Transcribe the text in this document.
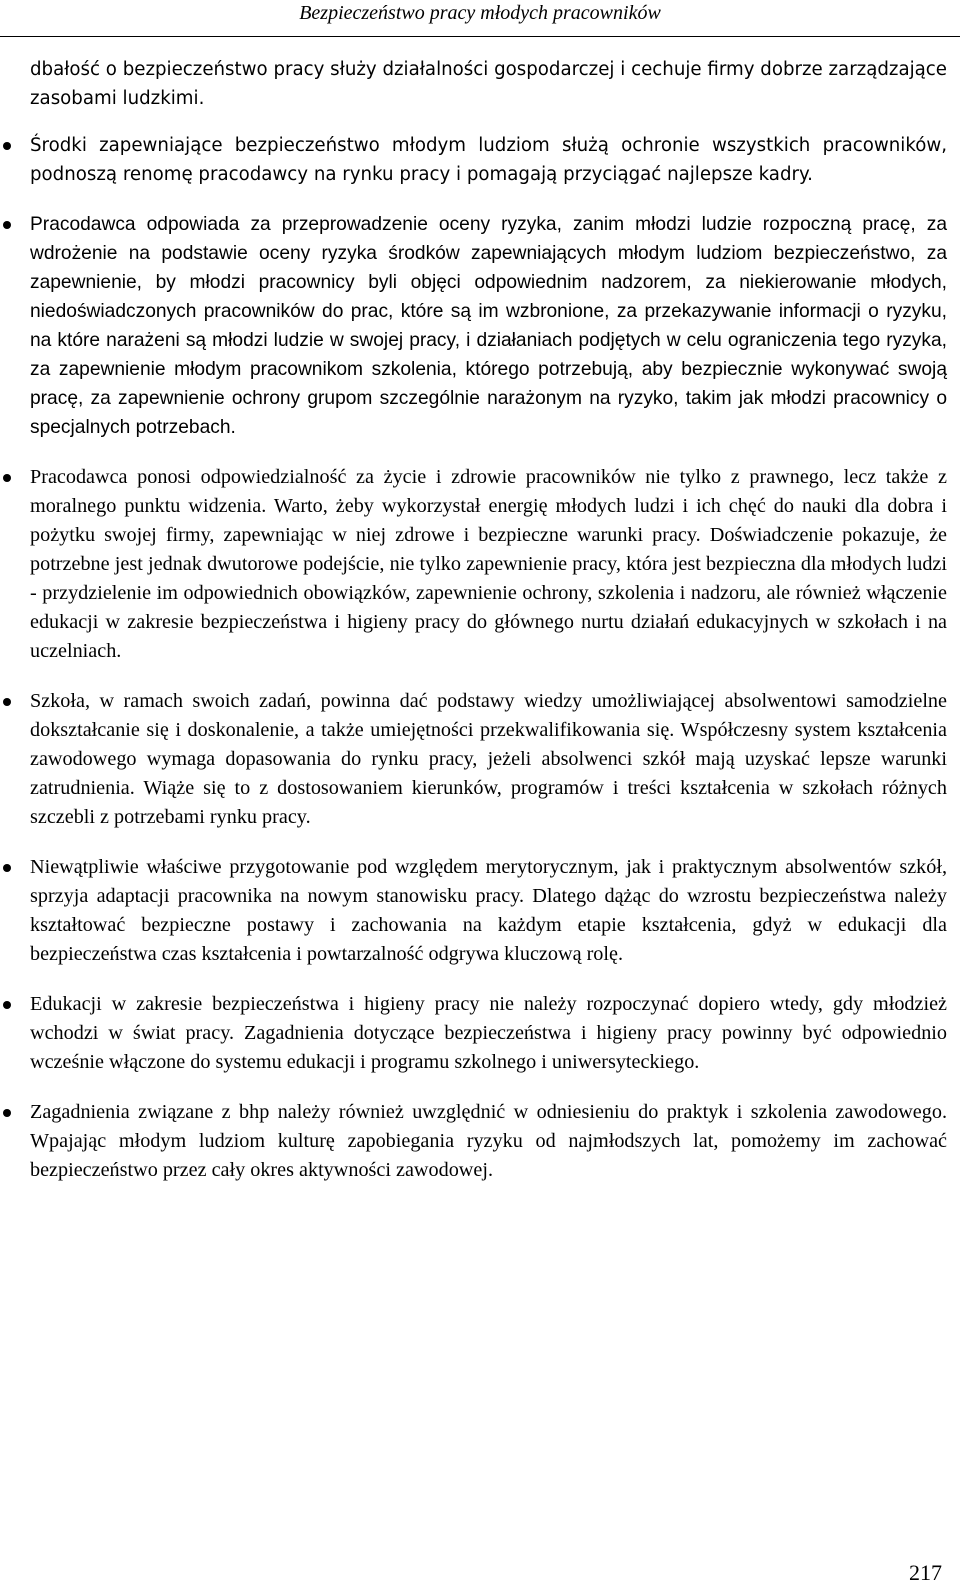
Bezpieczeństwo pracy młodych pracowników

dbałość o bezpieczeństwo pracy służy działalności gospodarczej i cechuje firmy dobrze zarządzające zasobami ludzkimi.

Środki zapewniające bezpieczeństwo młodym ludziom służą ochronie wszystkich pracowników, podnoszą renomę pracodawcy na rynku pracy i pomagają przyciągać najlepsze kadry.
Pracodawca odpowiada za przeprowadzenie oceny ryzyka, zanim młodzi ludzie rozpoczną pracę, za wdrożenie na podstawie oceny ryzyka środków zapewniających młodym ludziom bezpieczeństwo, za zapewnienie, by młodzi pracownicy byli objęci odpowiednim nadzorem, za niekierowanie młodych, niedoświadczonych pracowników do prac, które są im wzbronione, za przekazywanie informacji o ryzyku, na które narażeni są młodzi ludzie w swojej pracy, i działaniach podjętych w celu ograniczenia tego ryzyka, za zapewnienie młodym pracownikom szkolenia, którego potrzebują, aby bezpiecznie wykonywać swoją pracę, za zapewnienie ochrony grupom szczególnie narażonym na ryzyko, takim jak młodzi pracownicy o specjalnych potrzebach.
Pracodawca ponosi odpowiedzialność za życie i zdrowie pracowników nie tylko z prawnego, lecz także z moralnego punktu widzenia. Warto, żeby wykorzystał energię młodych ludzi i ich chęć do nauki dla dobra i pożytku swojej firmy, zapewniając w niej zdrowe i bezpieczne warunki pracy. Doświadczenie pokazuje, że potrzebne jest jednak dwutorowe podejście, nie tylko zapewnienie pracy, która jest bezpieczna dla młodych ludzi - przydzielenie im odpowiednich obowiązków, zapewnienie ochrony, szkolenia i nadzoru, ale również włączenie edukacji w zakresie bezpieczeństwa i higieny pracy do głównego nurtu działań edukacyjnych w szkołach i na uczelniach.
Szkoła, w ramach swoich zadań, powinna dać podstawy wiedzy umożliwiającej absolwentowi samodzielne dokształcanie się i doskonalenie, a także umiejętności przekwalifikowania się. Współczesny system kształcenia zawodowego wymaga dopasowania do rynku pracy, jeżeli absolwenci szkół mają uzyskać lepsze warunki zatrudnienia. Wiąże się to z dostosowaniem kierunków, programów i treści kształcenia w szkołach różnych szczebli z potrzebami rynku pracy.
Niewątpliwie właściwe przygotowanie pod względem merytorycznym, jak i praktycznym absolwentów szkół, sprzyja adaptacji pracownika na nowym stanowisku pracy. Dlatego dążąc do wzrostu bezpieczeństwa należy kształtować bezpieczne postawy i zachowania na każdym etapie kształcenia, gdyż w edukacji dla bezpieczeństwa czas kształcenia i powtarzalność odgrywa kluczową rolę.
Edukacji w zakresie bezpieczeństwa i higieny pracy nie należy rozpoczynać dopiero wtedy, gdy młodzież wchodzi w świat pracy. Zagadnienia dotyczące bezpieczeństwa i higieny pracy powinny być odpowiednio wcześnie włączone do systemu edukacji i programu szkolnego i uniwersyteckiego.
Zagadnienia związane z bhp należy również uwzględnić w odniesieniu do praktyk i szkolenia zawodowego. Wpajając młodym ludziom kulturę zapobiegania ryzyku od najmłodszych lat, pomożemy im zachować bezpieczeństwo przez cały okres aktywności zawodowej.
217
